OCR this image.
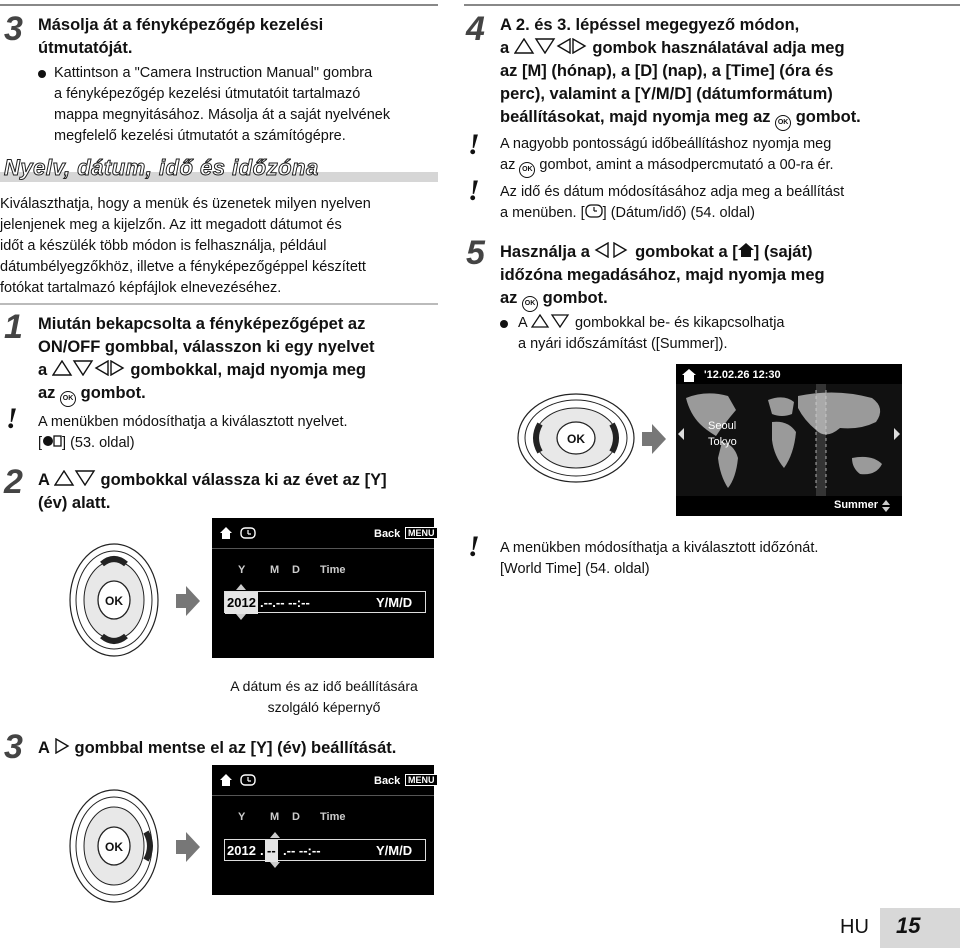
3 Másolja át a fényképezőgép kezelési
útmutatóját.
Kattintson a "Camera Instruction Manual" gombra
a fényképezőgép kezelési útmutatóit tartalmazó
mappa megnyitásához. Másolja át a saját nyelvének
megfelelő kezelési útmutatót a számítógépre.
Nyelv, dátum, idő és időzóna
Kiválaszthatja, hogy a menük és üzenetek milyen nyelven
jelenjenek meg a kijelzőn. Az itt megadott dátumot és
időt a készülék több módon is felhasználja, például
dátumbélyegzőkhöz, illetve a fényképezőgéppel készített
fotókat tartalmazó képfájlok elnevezéséhez.
1 Miután bekapcsolta a fényképezőgépet az
ON/OFF gombbal, válasszon ki egy nyelvet
a	gombokkal, majd nyomja meg
az OK gombot.
! A menükben módosíthatja a kiválasztott nyelvet.
[ ] (53. oldal)
2 A	gombokkal válassza ki az évet az [Y]
(év) alatt.
OK
Back MENU
Y M D Time
2012 .--.-- --:--	Y/M/D
A dátum és az idő beállítására
szolgáló képernyő
3 A gombbal mentse el az [Y] (év) beállítását.
OK
Back MENU
Y M D Time
2012 . -- .-- --:--	Y/M/D
4 A 2. és 3. lépéssel megegyező módon,
a	gombok használatával adja meg
az [M] (hónap), a [D] (nap), a [Time] (óra és
perc), valamint a [Y/M/D] (dátumformátum)
beállításokat, majd nyomja meg az OK gombot.
! A nagyobb pontosságú időbeállításhoz nyomja meg
az OK gombot, amint a másodpercmutató a 00-ra ér.
! Az idő és dátum módosításához adja meg a beállítást
a menüben. [ ] (Dátum/idő) (54. oldal)
5 Használja a	gombokat a [ ] (saját)
időzóna megadásához, majd nyomja meg
az OK gombot.
A	gombokkal be- és kikapcsolhatja
a nyári időszámítást ([Summer]).
OK
'12.02.26 12:30
Seoul
Tokyo
Summer
! A menükben módosíthatja a kiválasztott időzónát.
[World Time] (54. oldal)
HU 15
